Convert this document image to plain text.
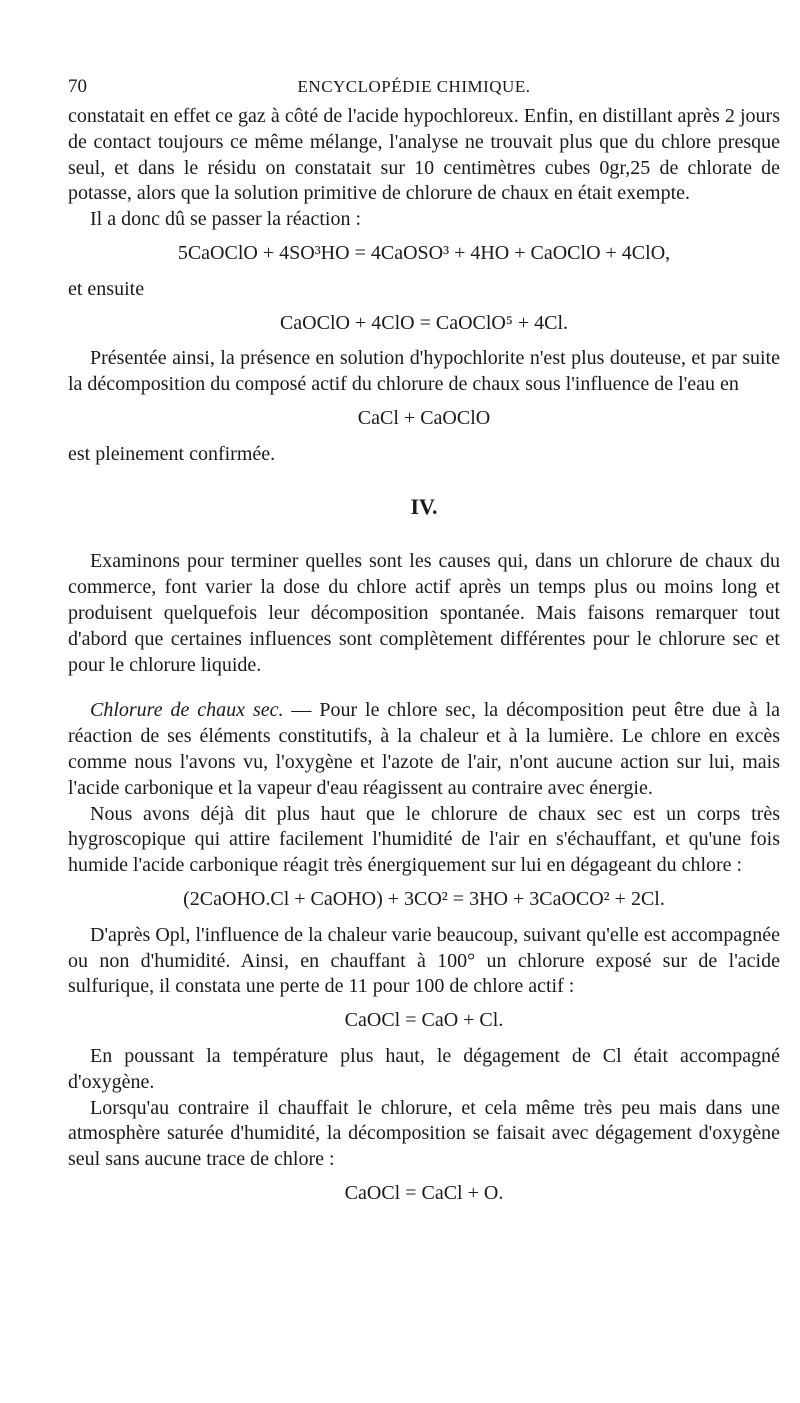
70	ENCYCLOPÉDIE CHIMIQUE.

constatait en effet ce gaz à côté de l'acide hypochloreux. Enfin, en distillant après 2 jours de contact toujours ce même mélange, l'analyse ne trouvait plus que du chlore presque seul, et dans le résidu on constatait sur 10 centimètres cubes 0gr,25 de chlorate de potasse, alors que la solution primitive de chlorure de chaux en était exempte.

Il a donc dû se passer la réaction :

5CaOClO + 4SO³HO = 4CaOSO³ + 4HO + CaOClO + 4ClO,

et ensuite

CaOClO + 4ClO = CaOClO⁵ + 4Cl.

Présentée ainsi, la présence en solution d'hypochlorite n'est plus douteuse, et par suite la décomposition du composé actif du chlorure de chaux sous l'influence de l'eau en

CaCl + CaOClO

est pleinement confirmée.

IV.

Examinons pour terminer quelles sont les causes qui, dans un chlorure de chaux du commerce, font varier la dose du chlore actif après un temps plus ou moins long et produisent quelquefois leur décomposition spontanée. Mais faisons remarquer tout d'abord que certaines influences sont complètement différentes pour le chlorure sec et pour le chlorure liquide.

Chlorure de chaux sec. — Pour le chlore sec, la décomposition peut être due à la réaction de ses éléments constitutifs, à la chaleur et à la lumière. Le chlore en excès comme nous l'avons vu, l'oxygène et l'azote de l'air, n'ont aucune action sur lui, mais l'acide carbonique et la vapeur d'eau réagissent au contraire avec énergie.

Nous avons déjà dit plus haut que le chlorure de chaux sec est un corps très hygroscopique qui attire facilement l'humidité de l'air en s'échauffant, et qu'une fois humide l'acide carbonique réagit très énergiquement sur lui en dégageant du chlore :

(2CaOHO.Cl + CaOHO) + 3CO² = 3HO + 3CaOCO² + 2Cl.

D'après Opl, l'influence de la chaleur varie beaucoup, suivant qu'elle est accompagnée ou non d'humidité. Ainsi, en chauffant à 100° un chlorure exposé sur de l'acide sulfurique, il constata une perte de 11 pour 100 de chlore actif :

CaOCl = CaO + Cl.

En poussant la température plus haut, le dégagement de Cl était accompagné d'oxygène.

Lorsqu'au contraire il chauffait le chlorure, et cela même très peu mais dans une atmosphère saturée d'humidité, la décomposition se faisait avec dégagement d'oxygène seul sans aucune trace de chlore :

CaOCl = CaCl + O.
